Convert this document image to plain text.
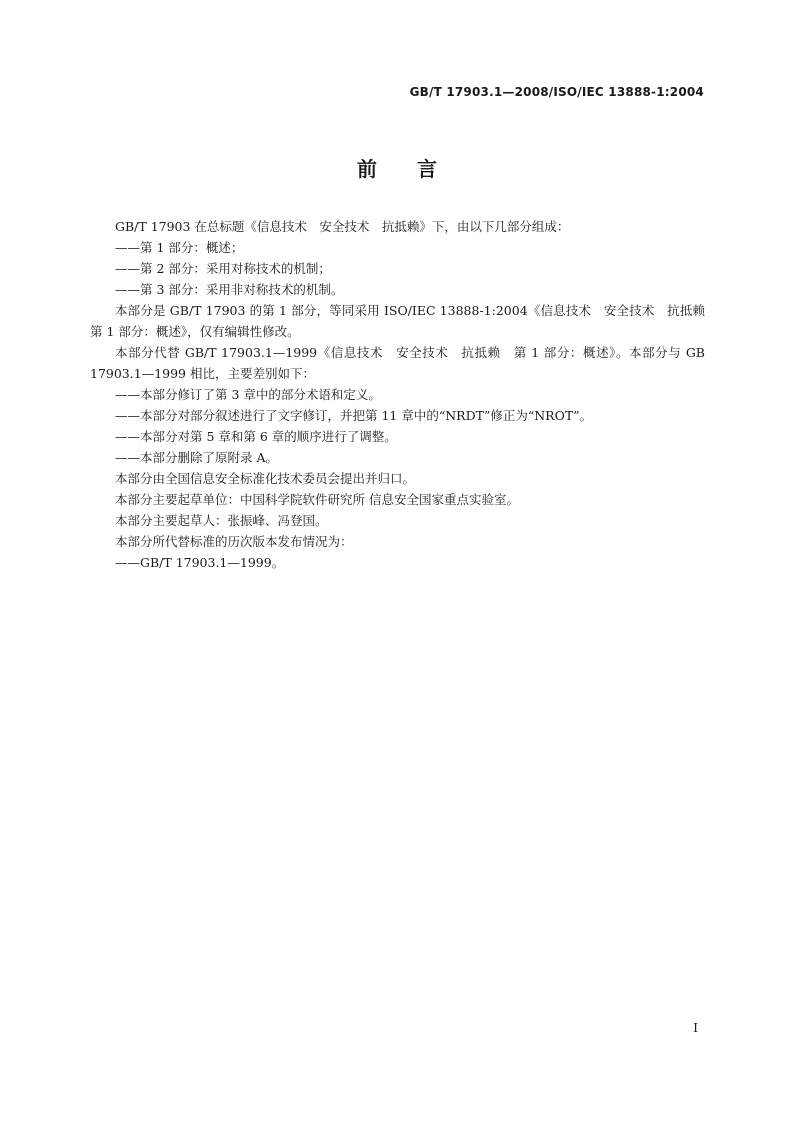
GB/T 17903.1—2008/ISO/IEC 13888-1:2004
前言

GB/T 17903 在总标题《信息技术　安全技术　抗抵赖》下，由以下几部分组成：

——第 1 部分：概述；

——第 2 部分：采用对称技术的机制；

——第 3 部分：采用非对称技术的机制。

本部分是 GB/T 17903 的第 1 部分，等同采用 ISO/IEC 13888-1:2004《信息技术　安全技术　抗抵赖　第 1 部分：概述》，仅有编辑性修改。

本部分代替 GB/T 17903.1—1999《信息技术　安全技术　抗抵赖　第 1 部分：概述》。本部分与 GB 17903.1—1999 相比，主要差别如下：

——本部分修订了第 3 章中的部分术语和定义。

——本部分对部分叙述进行了文字修订，并把第 11 章中的“NRDT”修正为“NROT”。

——本部分对第 5 章和第 6 章的顺序进行了调整。

——本部分删除了原附录 A。

本部分由全国信息安全标准化技术委员会提出并归口。

本部分主要起草单位：中国科学院软件研究所 信息安全国家重点实验室。

本部分主要起草人：张振峰、冯登国。

本部分所代替标准的历次版本发布情况为：

——GB/T 17903.1—1999。

I
